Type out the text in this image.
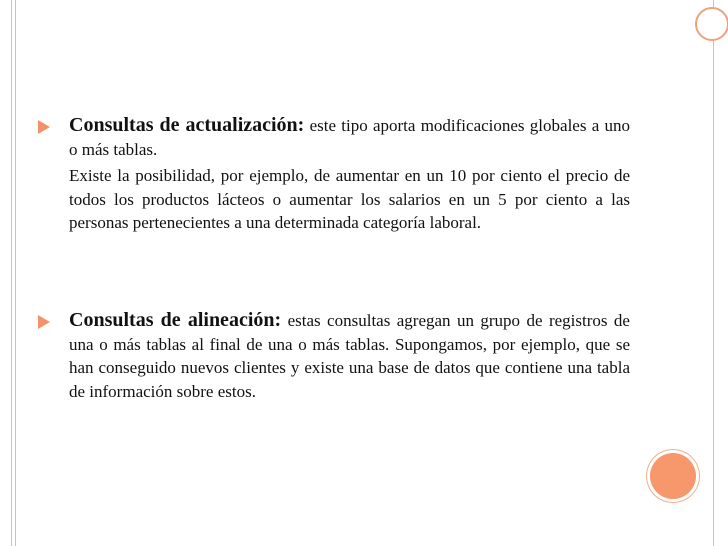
Consultas de actualización: este tipo aporta modificaciones globales a uno o más tablas.

Existe la posibilidad, por ejemplo, de aumentar en un 10 por ciento el precio de todos los productos lácteos o aumentar los salarios en un 5 por ciento a las personas pertenecientes a una determinada categoría laboral.

Consultas de alineación: estas consultas agregan un grupo de registros de una o más tablas al final de una o más tablas. Supongamos, por ejemplo, que se han conseguido nuevos clientes y existe una base de datos que contiene una tabla de información sobre estos.
